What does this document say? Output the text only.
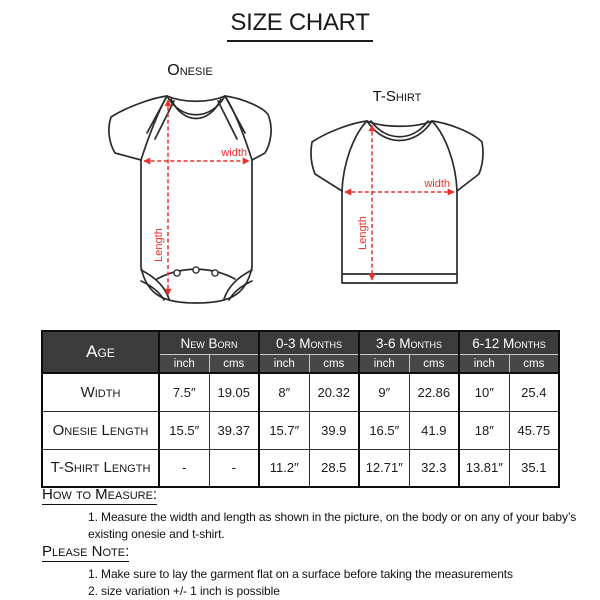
SIZE CHART
Onesie
width
Length
T-Shirt
width
Length
Age	New Born		0-3 Months		3-6 Months		6-12 Months	
	inch	cms	inch	cms	inch	cms	inch	cms
Width	7.5″	19.05	8″	20.32	9″	22.86	10″	25.4
Onesie Length	15.5″	39.37	15.7″	39.9	16.5″	41.9	18″	45.75
T-Shirt Length	-	-	11.2″	28.5	12.71″	32.3	13.81″	35.1
How to Measure:
1. Measure the width and length as shown in the picture, on the body or on any of your baby’s existing onesie and t-shirt.
Please Note:
1. Make sure to lay the garment flat on a surface before taking the measurements
2. size variation +/- 1 inch is possible
